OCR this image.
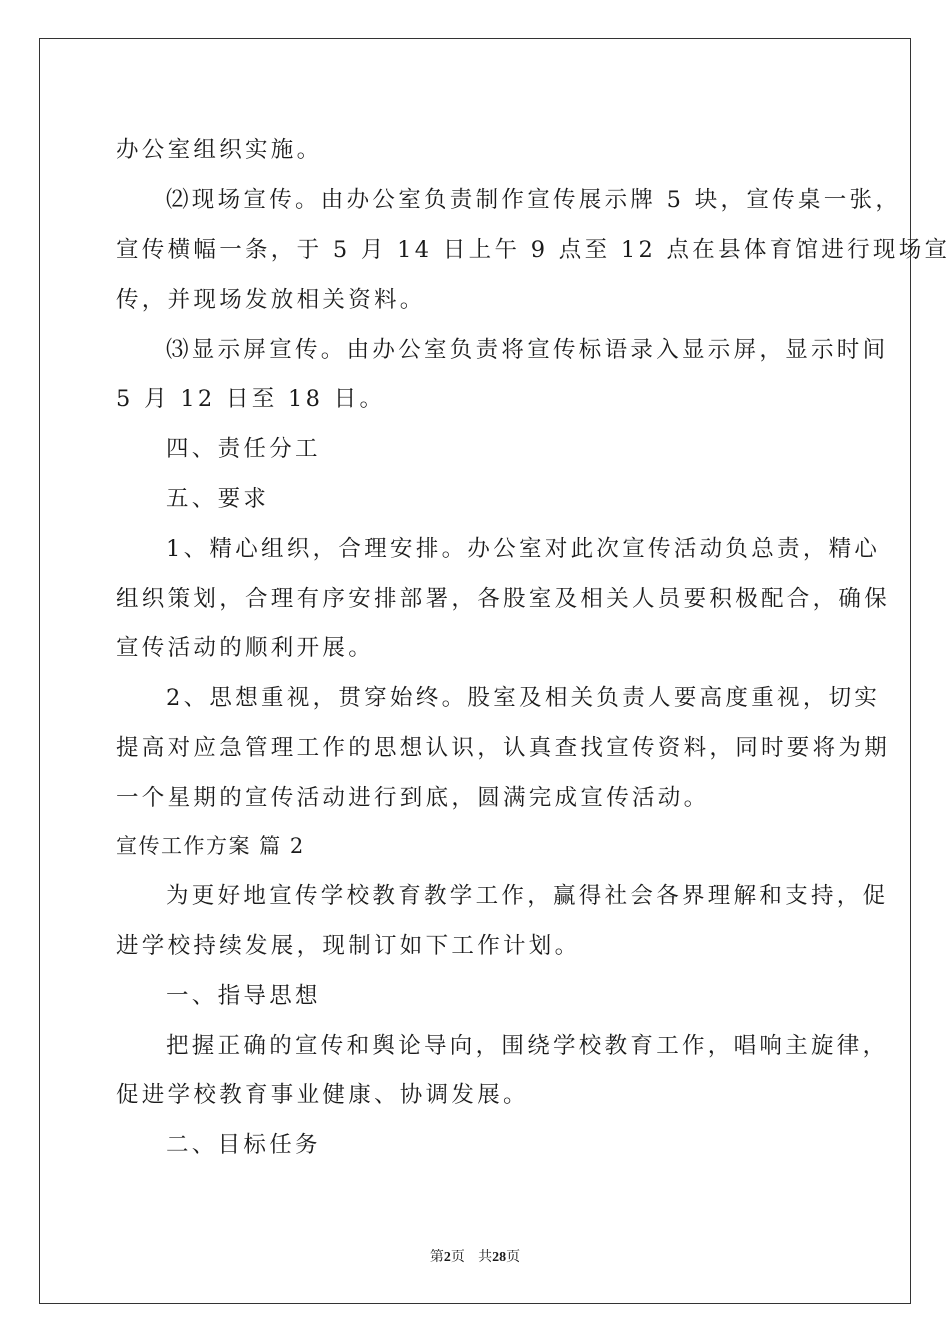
办公室组织实施。
⑵现场宣传。由办公室负责制作宣传展示牌 5 块，宣传桌一张，
宣传横幅一条，于 5 月 14 日上午 9 点至 12 点在县体育馆进行现场宣
传，并现场发放相关资料。
⑶显示屏宣传。由办公室负责将宣传标语录入显示屏，显示时间
5 月 12 日至 18 日。
四、责任分工
五、要求
1、精心组织，合理安排。办公室对此次宣传活动负总责，精心
组织策划，合理有序安排部署，各股室及相关人员要积极配合，确保
宣传活动的顺利开展。
2、思想重视，贯穿始终。股室及相关负责人要高度重视，切实
提高对应急管理工作的思想认识，认真查找宣传资料，同时要将为期
一个星期的宣传活动进行到底，圆满完成宣传活动。
宣传工作方案 篇 2
为更好地宣传学校教育教学工作，赢得社会各界理解和支持，促
进学校持续发展，现制订如下工作计划。
一、指导思想
把握正确的宣传和舆论导向，围绕学校教育工作，唱响主旋律，
促进学校教育事业健康、协调发展。
二、目标任务
第2页 共28页
